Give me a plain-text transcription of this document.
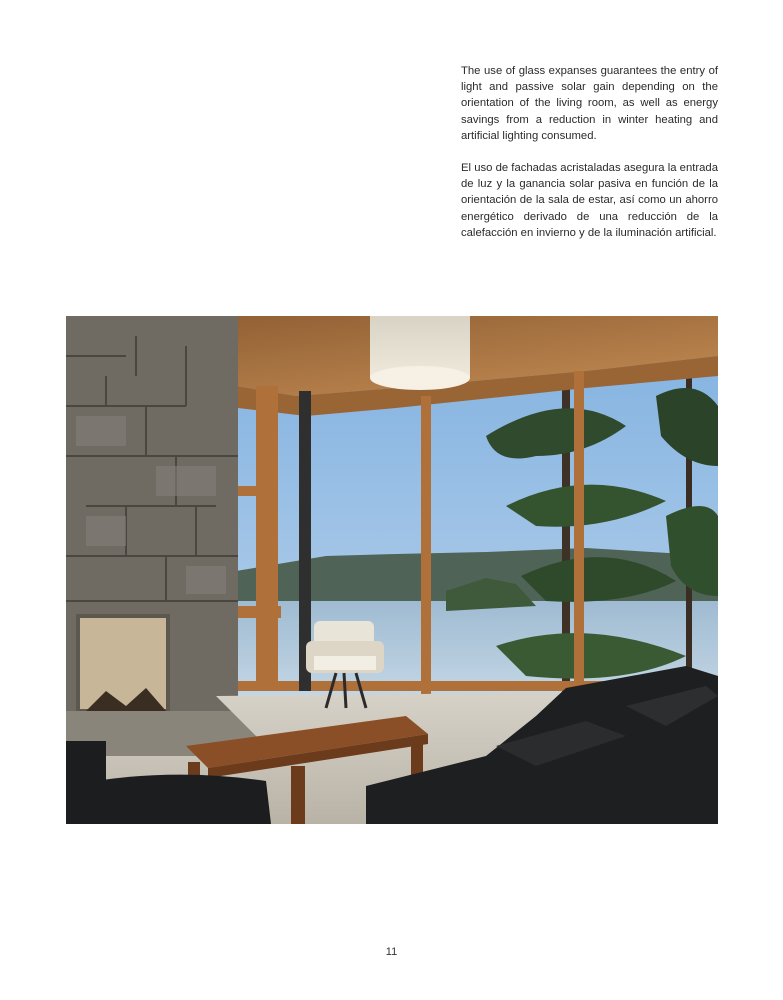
The use of glass expanses guarantees the entry of light and passive solar gain depending on the orientation of the living room, as well as energy savings from a reduction in winter heating and artificial lighting consumed.

El uso de fachadas acristaladas asegura la entrada de luz y la ganancia solar pasiva en función de la orientación de la sala de estar, así como un ahorro energético derivado de una reducción de la calefacción en invierno y de la iluminación artificial.

11
